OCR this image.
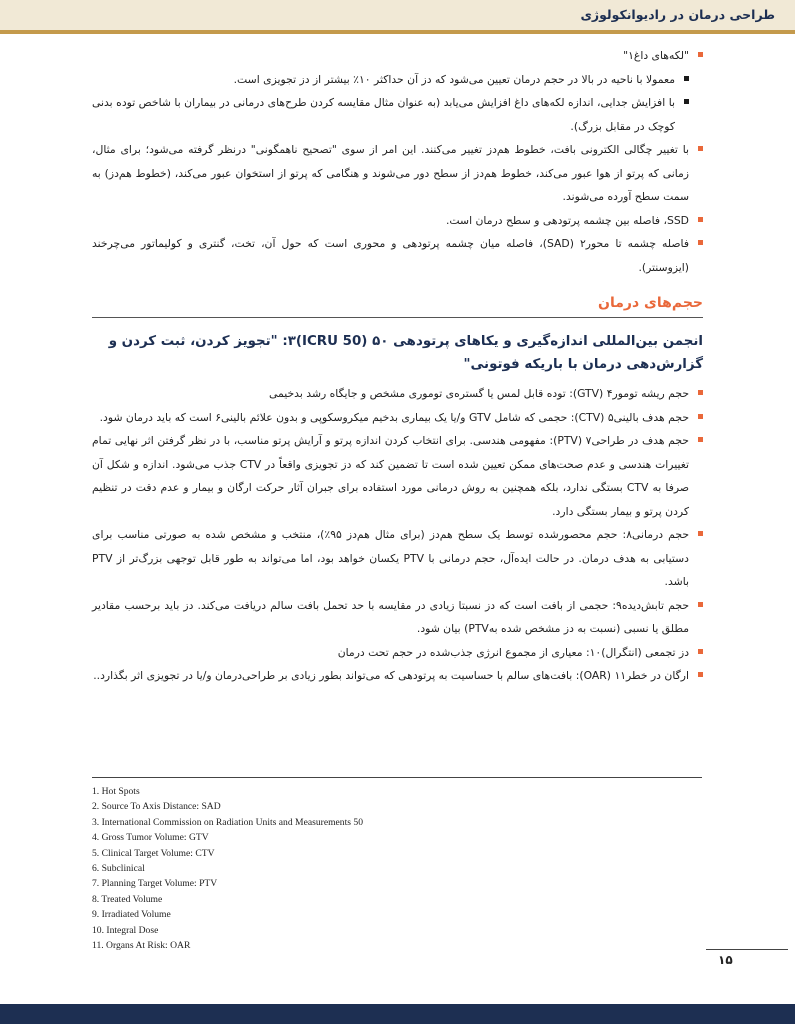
طراحی درمان در رادیوانکولوژی
"لکه‌های داغ۱"
معمولا با ناحیه در بالا در حجم درمان تعیین می‌شود که دز آن حداکثر ۱۰٪ بیشتر از دز تجویزی است.
با افزایش جدایی، اندازه لکه‌های داغ افزایش می‌یابد (به عنوان مثال مقایسه کردن طرح‌های درمانی در بیماران با شاخص توده بدنی کوچک در مقابل بزرگ).
با تغییر چگالی الکترونی بافت، خطوط هم‌دز تغییر می‌کنند. این امر از سوی "تصحیح ناهمگونی" درنظر گرفته می‌شود؛ برای مثال، زمانی که پرتو از هوا عبور می‌کند، خطوط هم‌دز از سطح دور می‌شوند و هنگامی که پرتو از استخوان عبور می‌کند، (خطوط هم‌دز) به سمت سطح آورده می‌شوند.
SSD، فاصله بین چشمه پرتودهی و سطح درمان است.
فاصله چشمه تا محور۲ (SAD)، فاصله میان چشمه پرتودهی و محوری است که حول آن، تخت، گنتری و کولیماتور می‌چرخند (ایزوسنتر).
حجم‌های درمان
انجمن بین‌المللی اندازه‌گیری و یکاهای پرتودهی ۵۰ (ICRU 50)۳: "تجویز کردن، ثبت کردن و گزارش‌دهی درمان با باریکه فوتونی"
حجم ریشه تومور۴ (GTV): توده قابل لمس یا گستره‌ی توموری مشخص و جایگاه رشد بدخیمی
حجم هدف بالینی۵ (CTV): حجمی که شامل GTV و/یا یک بیماری بدخیم میکروسکوپی و بدون علائم بالینی۶ است که باید درمان شود.
حجم هدف در طراحی۷ (PTV): مفهومی هندسی. برای انتخاب کردن اندازه پرتو و آرایش پرتو مناسب، با در نظر گرفتن اثر نهایی تمام تغییرات هندسی و عدم صحت‌های ممکن تعیین شده است تا تضمین کند که دز تجویزی واقعاً در CTV جذب می‌شود. اندازه و شکل آن صرفا به CTV بستگی ندارد، بلکه همچنین به روش درمانی مورد استفاده برای جبران آثار حرکت ارگان و بیمار و عدم دقت در تنظیم کردن پرتو و بیمار بستگی دارد.
حجم درمانی۸: حجم محصورشده توسط یک سطح هم‌دز (برای مثال هم‌دز ۹۵٪)، منتخب و مشخص شده به صورتی مناسب برای دستیابی به هدف درمان. در حالت ایده‌آل، حجم درمانی با PTV یکسان خواهد بود، اما می‌تواند به طور قابل توجهی بزرگ‌تر از PTV باشد.
حجم تابش‌دیده۹: حجمی از بافت است که دز نسبتا زیادی در مقایسه با حد تحمل بافت سالم دریافت می‌کند. دز باید برحسب مقادیر مطلق یا نسبی (نسبت به دز مشخص شده بهPTV) بیان شود.
دز تجمعی (انتگرال)۱۰: معیاری از مجموع انرژی جذب‌شده در حجم تحت درمان
ارگان در خطر۱۱ (OAR): بافت‌های سالم با حساسیت به پرتودهی که می‌تواند بطور زیادی بر طراحی‌درمان و/یا در تجویزی اثر بگذارد..
1. Hot Spots
2. Source To Axis Distance: SAD
3. International Commission on Radiation Units and Measurements 50
4. Gross Tumor Volume: GTV
5. Clinical Target Volume: CTV
6. Subclinical
7. Planning Target Volume: PTV
8. Treated Volume
9. Irradiated Volume
10. Integral Dose
11. Organs At Risk: OAR
۱۵
